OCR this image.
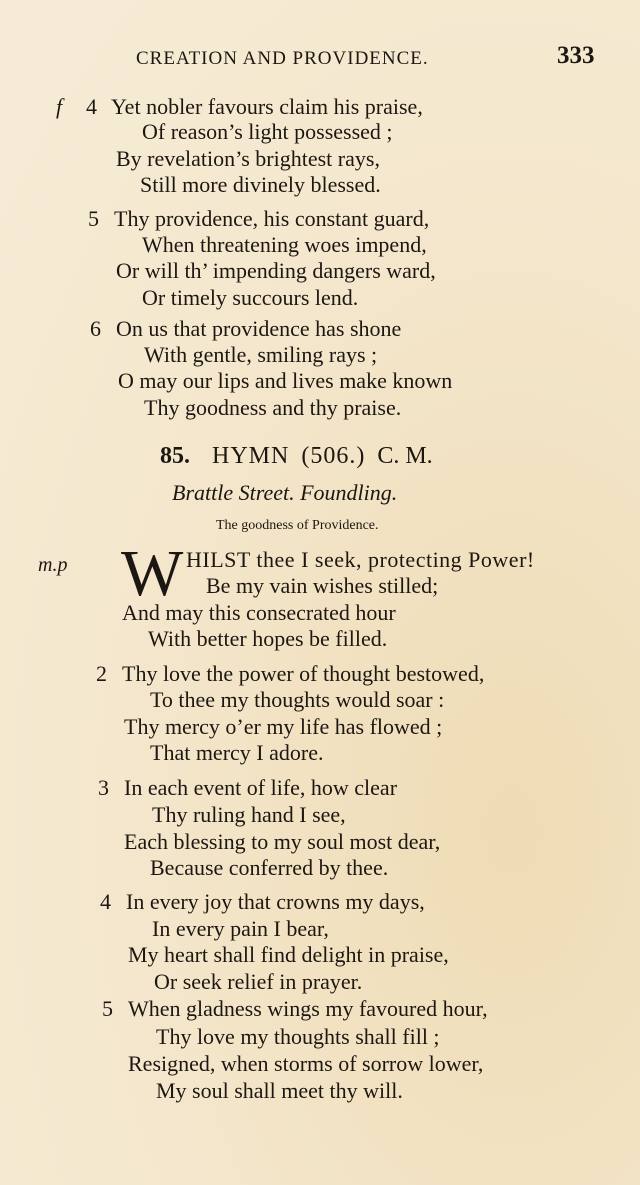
CREATION AND PROVIDENCE.	333
f 4 Yet nobler favours claim his praise,
Of reason’s light possessed ;
By revelation’s brightest rays,
Still more divinely blessed.
5 Thy providence, his constant guard,
When threatening woes impend,
Or will th’ impending dangers ward,
Or timely succours lend.
6 On us that providence has shone
With gentle, smiling rays ;
O may our lips and lives make known
Thy goodness and thy praise.
85. HYMN (506.) C. M.
Brattle Street. Foundling.
The goodness of Providence.
m.p W HILST thee I seek, protecting Power!
Be my vain wishes stilled;
And may this consecrated hour
With better hopes be filled.
2 Thy love the power of thought bestowed,
To thee my thoughts would soar :
Thy mercy o’er my life has flowed ;
That mercy I adore.
3 In each event of life, how clear
Thy ruling hand I see,
Each blessing to my soul most dear,
Because conferred by thee.
4 In every joy that crowns my days,
In every pain I bear,
My heart shall find delight in praise,
Or seek relief in prayer.
5 When gladness wings my favoured hour,
Thy love my thoughts shall fill ;
Resigned, when storms of sorrow lower,
My soul shall meet thy will.
